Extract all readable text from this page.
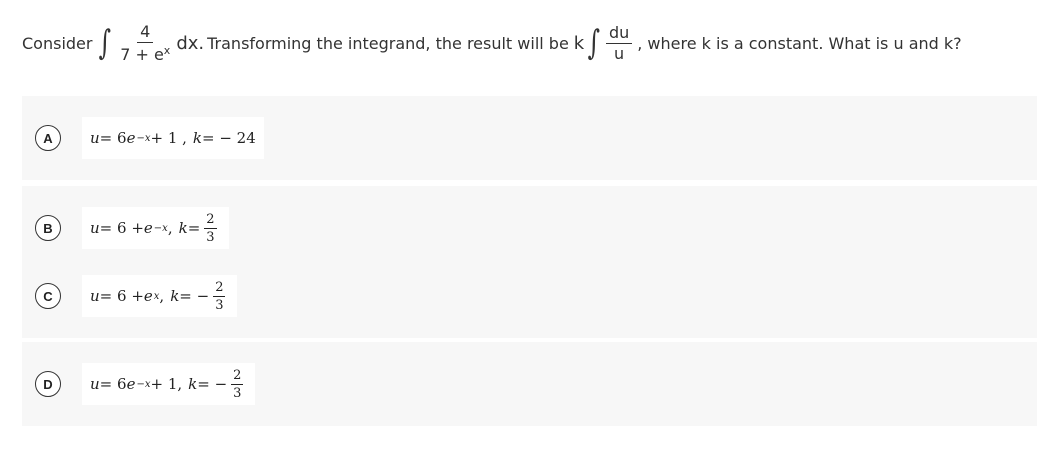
Consider ∫ $\frac{4}{7 + e^x}$ dx. Transforming the integrand, the result will be k ∫ $\frac{du}{u}$ , where k is a constant. What is u and k?
A	u = 6 e −x + 1 , k = − 24
B	u = 6 + e −x , $k = \frac{2}{3}$
C	u = 6 + e x , k = − $\frac{2}{3}$
D	u = 6 e −x + 1, k = − $\frac{2}{3}$
